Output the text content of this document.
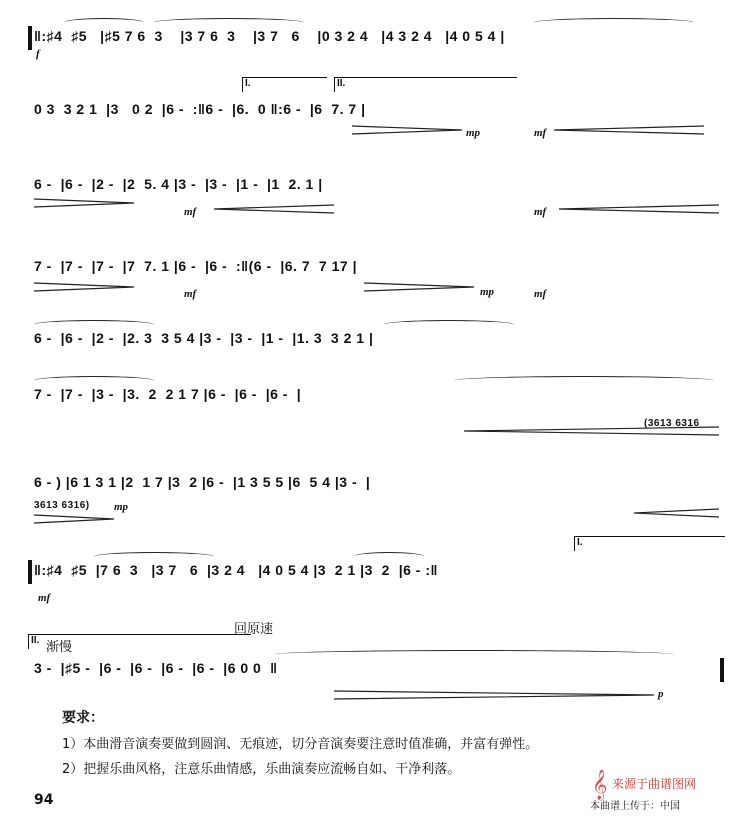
‖:♯4  ♯5   |♯5 7 6  3    |3 7 6  3    |3 7   6    |0 3 2 4   |4 3 2 4   |4 0 5 4 |
f
I.	II.
0 3  3 2 1  |3   0 2  |6 -  :‖6 -  |6.  0 ‖:6 -  |6  7. 7 |
mp	mf
6 -  |6 -  |2 -  |2  5. 4 |3 -  |3 -  |1 -  |1  2. 1 |
mf	mf
7 -  |7 -  |7 -  |7  7. 1 |6 -  |6 -  :‖(6 -  |6. 7  7 17 |
mf	mp	mf
6 -  |6 -  |2 -  |2. 3  3 5 4 |3 -  |3 -  |1 -  |1. 3  3 2 1 |
7 -  |7 -  |3 -  |3.  2  2 1 7 |6 -  |6 -  |6 -  |
(3613 6316
6 - ) |6 1 3 1 |2  1 7 |3  2 |6 -  |1 3 5 5 |6  5 4 |3 -  |
3613 6316) mp
I.
‖:♯4  ♯5  |7 6  3   |3 7   6  |3 2 4   |4 0 5 4 |3  2 1 |3  2  |6 - :‖
mf
II. 渐慢
回原速
3 -  |♯5 -  |6 -  |6 -  |6 -  |6 -  |6 0 0  ‖
p
要求：
1）本曲滑音演奏要做到圆润、无痕迹，切分音演奏要注意时值准确，并富有弹性。
2）把握乐曲风格，注意乐曲情感，乐曲演奏应流畅自如、干净利落。
94	本曲谱上传于：中国
𝄞 来源于曲谱图网
